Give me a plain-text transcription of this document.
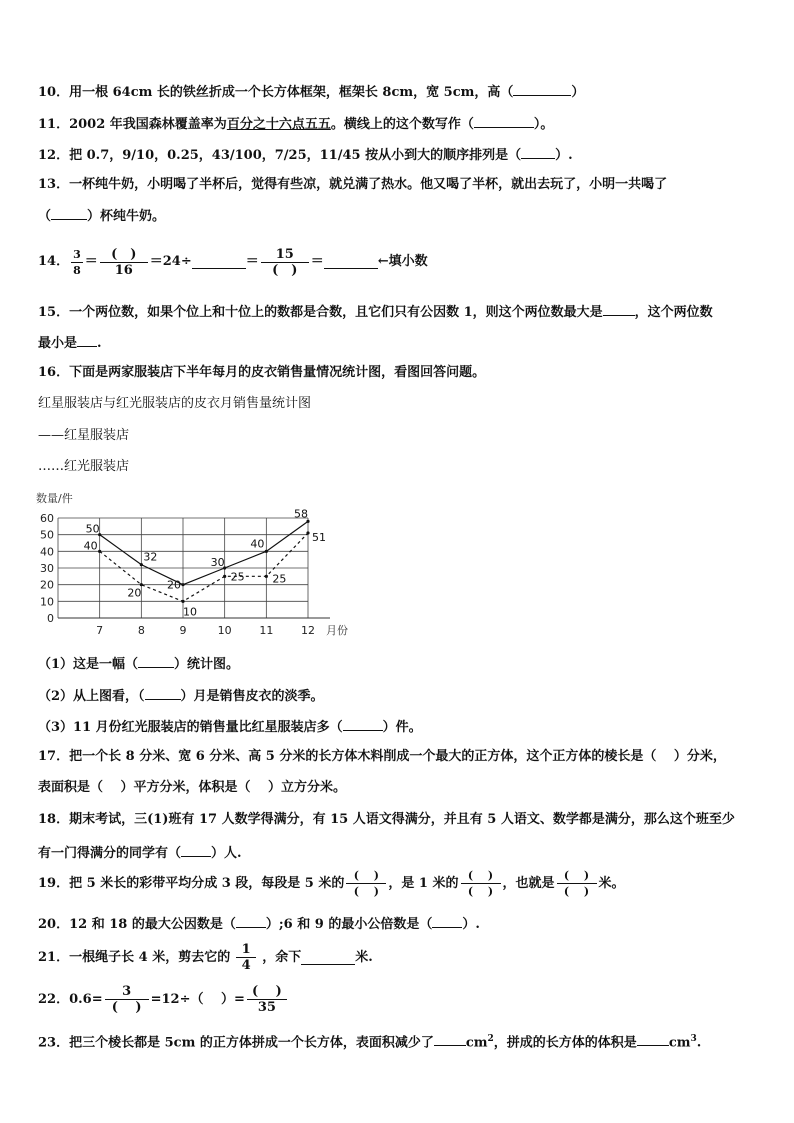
10．用一根 64cm 长的铁丝折成一个长方体框架，框架长 8cm，宽 5cm，高（	）
11．2002 年我国森林覆盖率为百分之十六点五五。横线上的这个数写作（	）。
12．把 0.7，9/10，0.25，43/100，7/25，11/45 按从小到大的顺序排列是（	）.
13．一杯纯牛奶，小明喝了半杯后，觉得有些凉，就兑满了热水。他又喝了半杯，就出去玩了，小明一共喝了
（	）杯纯牛奶。
14． $\frac{3}{8} = \frac{( )}{16} =24\div$	＝ $\frac{15}{( )}$ ＝	←填小数
15．一个两位数，如果个位上和十位上的数都是合数，且它们只有公因数 1，则这个两位数最大是 ，这个两位数
最小是 .
16．下面是两家服装店下半年每月的皮衣销售量情况统计图，看图回答问题。
红星服装店与红光服装店的皮衣月销售量统计图
——红星服装店
……红光服装店
数量/件
0
10
20
30
40
50
60
7	8	9	10	11	12 月份
50
32
20
30
40
58
40
20
10
25	25
51
（1）这是一幅（	）统计图。
（2）从上图看，（	）月是销售皮衣的淡季。
（3）11 月份红光服装店的销售量比红星服装店多（	）件。
17．把一个长 8 分米、宽 6 分米、高 5 分米的长方体木料削成一个最大的正方体，这个正方体的棱长是（　 ）分米，
表面积是（　 ）平方分米，体积是（　 ）立方分米。
18．期末考试，三(1)班有 17 人数学得满分，有 15 人语文得满分，并且有 5 人语文、数学都是满分，那么这个班至少
有一门得满分的同学有（ ）人.
19．把 5 米长的彩带平均分成 3 段，每段是 5 米的 $\frac{( )}{( )}$ ，是 1 米的 $\frac{( )}{( )}$ ，也就是 $\frac{( )}{( )}$ 米。
20．12 和 18 的最大公因数是（ ）;6 和 9 的最小公倍数是（ ）.
21．一根绳子长 4 米，剪去它的 $\frac{1}{4}$ ，余下	米.
22．$0.6= \frac{3}{( )} =12\div$（　 ）= $\frac{( )}{35}$
23．把三个棱长都是 5cm 的正方体拼成一个长方体，表面积减少了 $cm^2$，拼成的长方体的体积是 $cm^3$.
